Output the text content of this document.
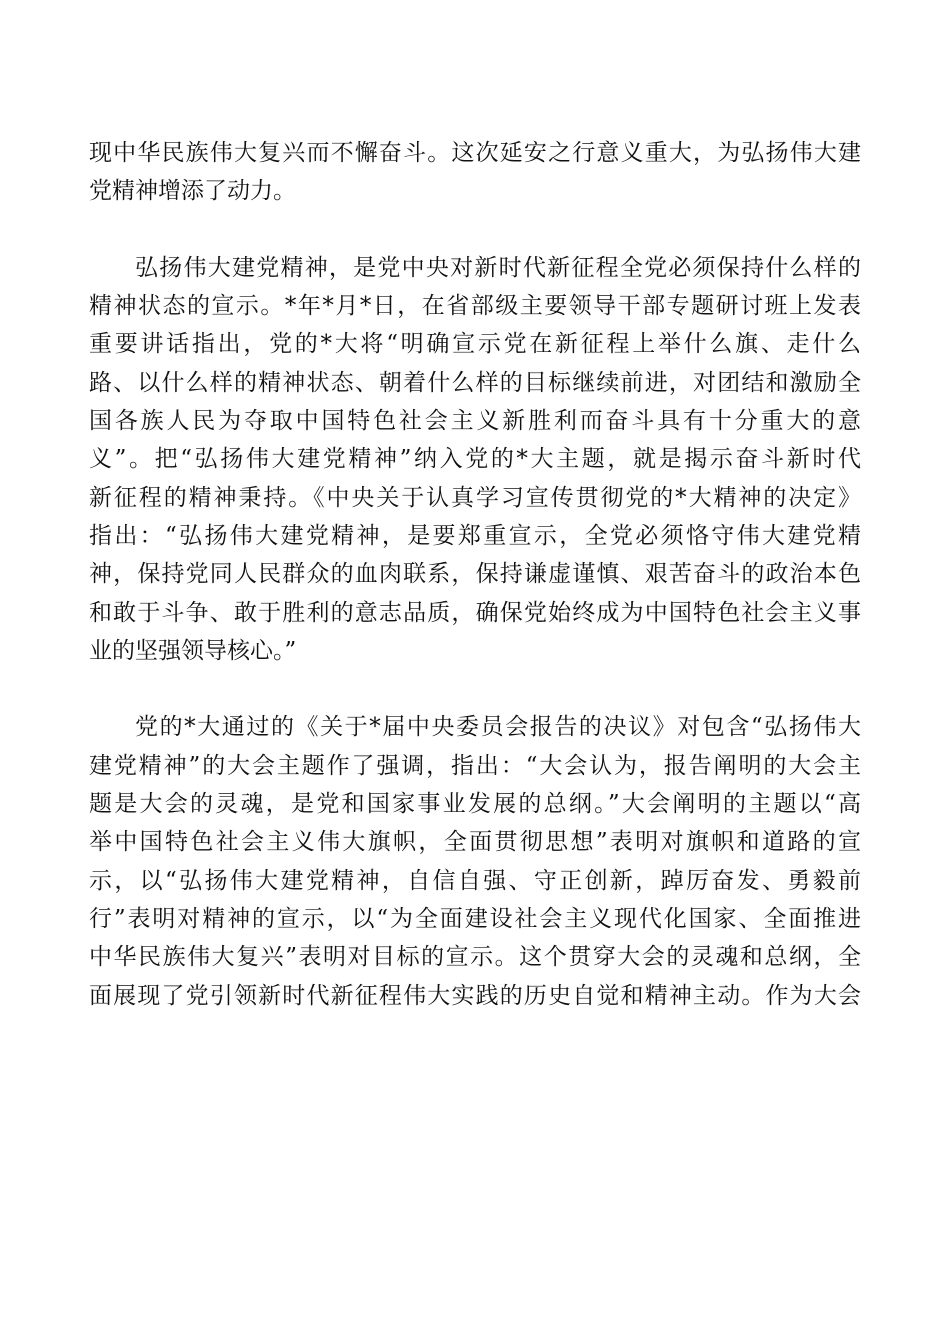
现中华民族伟大复兴而不懈奋斗。这次延安之行意义重大，为弘扬伟大建
党精神增添了动力。
弘扬伟大建党精神，是党中央对新时代新征程全党必须保持什么样的
精神状态的宣示。*年*月*日，在省部级主要领导干部专题研讨班上发表
重要讲话指出，党的*大将“明确宣示党在新征程上举什么旗、走什么
路、以什么样的精神状态、朝着什么样的目标继续前进，对团结和激励全
国各族人民为夺取中国特色社会主义新胜利而奋斗具有十分重大的意
义”。把“弘扬伟大建党精神”纳入党的*大主题，就是揭示奋斗新时代
新征程的精神秉持。《中央关于认真学习宣传贯彻党的*大精神的决定》
指出：“弘扬伟大建党精神，是要郑重宣示，全党必须恪守伟大建党精
神，保持党同人民群众的血肉联系，保持谦虚谨慎、艰苦奋斗的政治本色
和敢于斗争、敢于胜利的意志品质，确保党始终成为中国特色社会主义事
业的坚强领导核心。”
党的*大通过的《关于*届中央委员会报告的决议》对包含“弘扬伟大
建党精神”的大会主题作了强调，指出：“大会认为，报告阐明的大会主
题是大会的灵魂，是党和国家事业发展的总纲。”大会阐明的主题以“高
举中国特色社会主义伟大旗帜，全面贯彻思想”表明对旗帜和道路的宣
示，以“弘扬伟大建党精神，自信自强、守正创新，踔厉奋发、勇毅前
行”表明对精神的宣示，以“为全面建设社会主义现代化国家、全面推进
中华民族伟大复兴”表明对目标的宣示。这个贯穿大会的灵魂和总纲，全
面展现了党引领新时代新征程伟大实践的历史自觉和精神主动。作为大会
